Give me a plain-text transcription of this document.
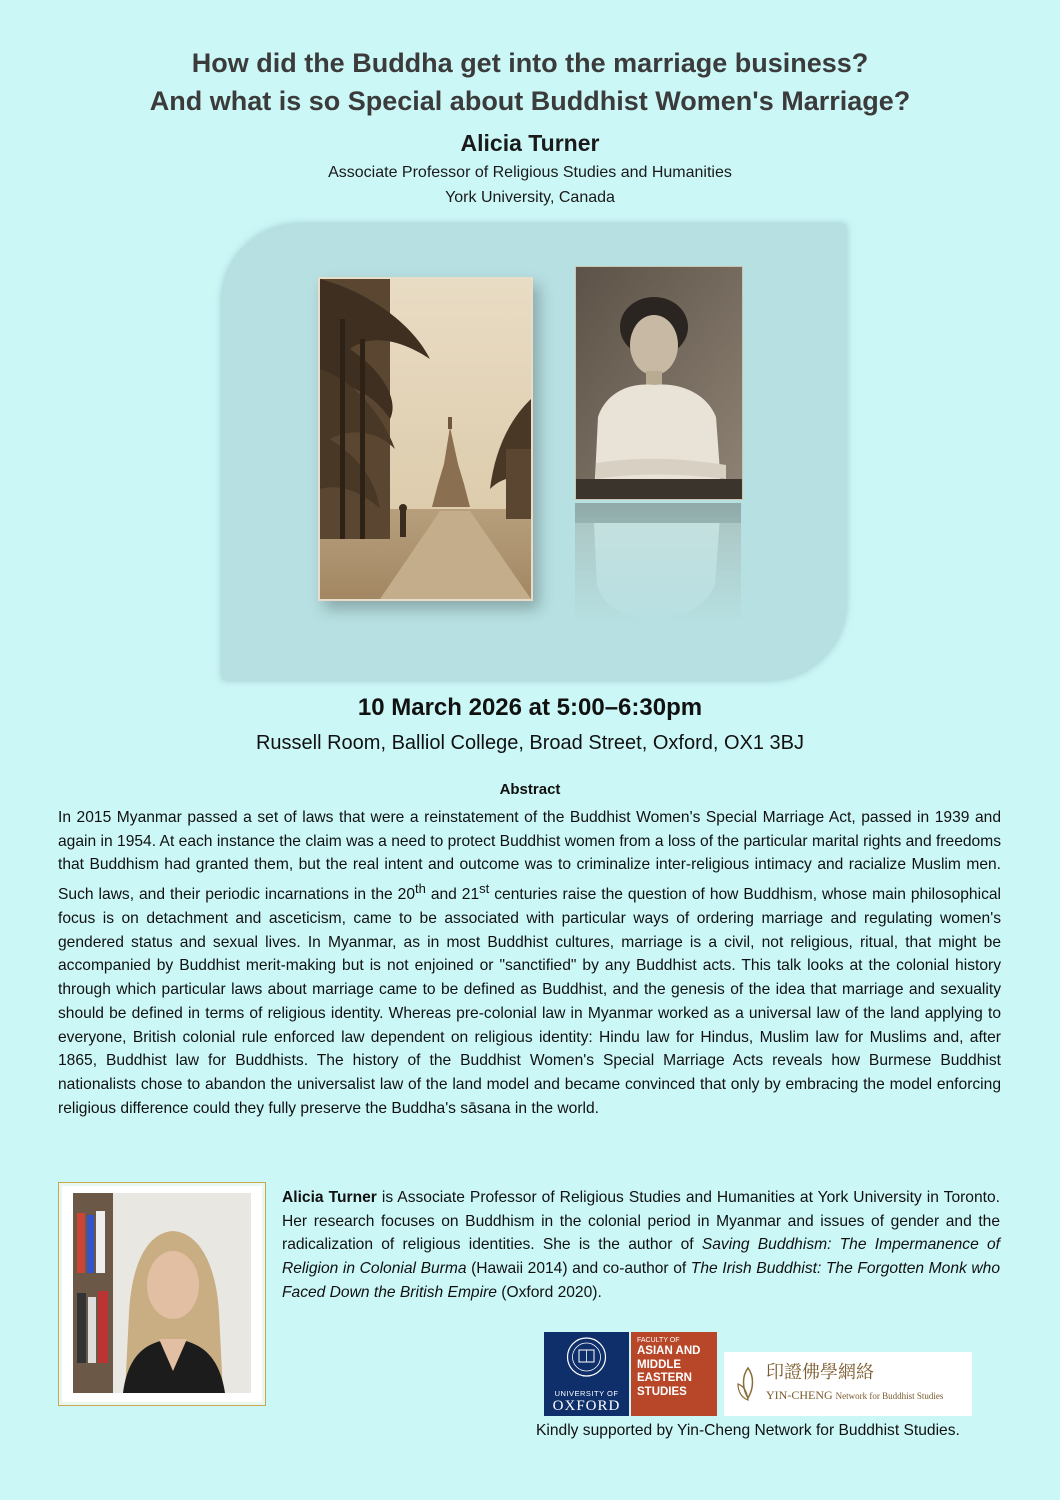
How did the Buddha get into the marriage business?
And what is so Special about Buddhist Women's Marriage?
Alicia Turner
Associate Professor of Religious Studies and Humanities
York University, Canada
10 March 2026 at 5:00–6:30pm
Russell Room, Balliol College, Broad Street, Oxford, OX1 3BJ
Abstract
In 2015 Myanmar passed a set of laws that were a reinstatement of the Buddhist Women's Special Marriage Act, passed in 1939 and again in 1954. At each instance the claim was a need to protect Buddhist women from a loss of the particular marital rights and freedoms that Buddhism had granted them, but the real intent and outcome was to criminalize inter-religious intimacy and racialize Muslim men. Such laws, and their periodic incarnations in the 20th and 21st centuries raise the question of how Buddhism, whose main philosophical focus is on detachment and asceticism, came to be associated with particular ways of ordering marriage and regulating women's gendered status and sexual lives. In Myanmar, as in most Buddhist cultures, marriage is a civil, not religious, ritual, that might be accompanied by Buddhist merit-making but is not enjoined or "sanctified" by any Buddhist acts. This talk looks at the colonial history through which particular laws about marriage came to be defined as Buddhist, and the genesis of the idea that marriage and sexuality should be defined in terms of religious identity. Whereas pre-colonial law in Myanmar worked as a universal law of the land applying to everyone, British colonial rule enforced law dependent on religious identity: Hindu law for Hindus, Muslim law for Muslims and, after 1865, Buddhist law for Buddhists. The history of the Buddhist Women's Special Marriage Acts reveals how Burmese Buddhist nationalists chose to abandon the universalist law of the land model and became convinced that only by embracing the model enforcing religious difference could they fully preserve the Buddha's sāsana in the world.
Alicia Turner is Associate Professor of Religious Studies and Humanities at York University in Toronto. Her research focuses on Buddhism in the colonial period in Myanmar and issues of gender and the radicalization of religious identities. She is the author of Saving Buddhism: The Impermanence of Religion in Colonial Burma (Hawaii 2014) and co-author of The Irish Buddhist: The Forgotten Monk who Faced Down the British Empire (Oxford 2020).
UNIVERSITY OF
OXFORD
FACULTY OF
ASIAN AND
MIDDLE
EASTERN
STUDIES
印證佛學網絡
YIN-CHENG Network for Buddhist Studies
Kindly supported by Yin-Cheng Network for Buddhist Studies.
